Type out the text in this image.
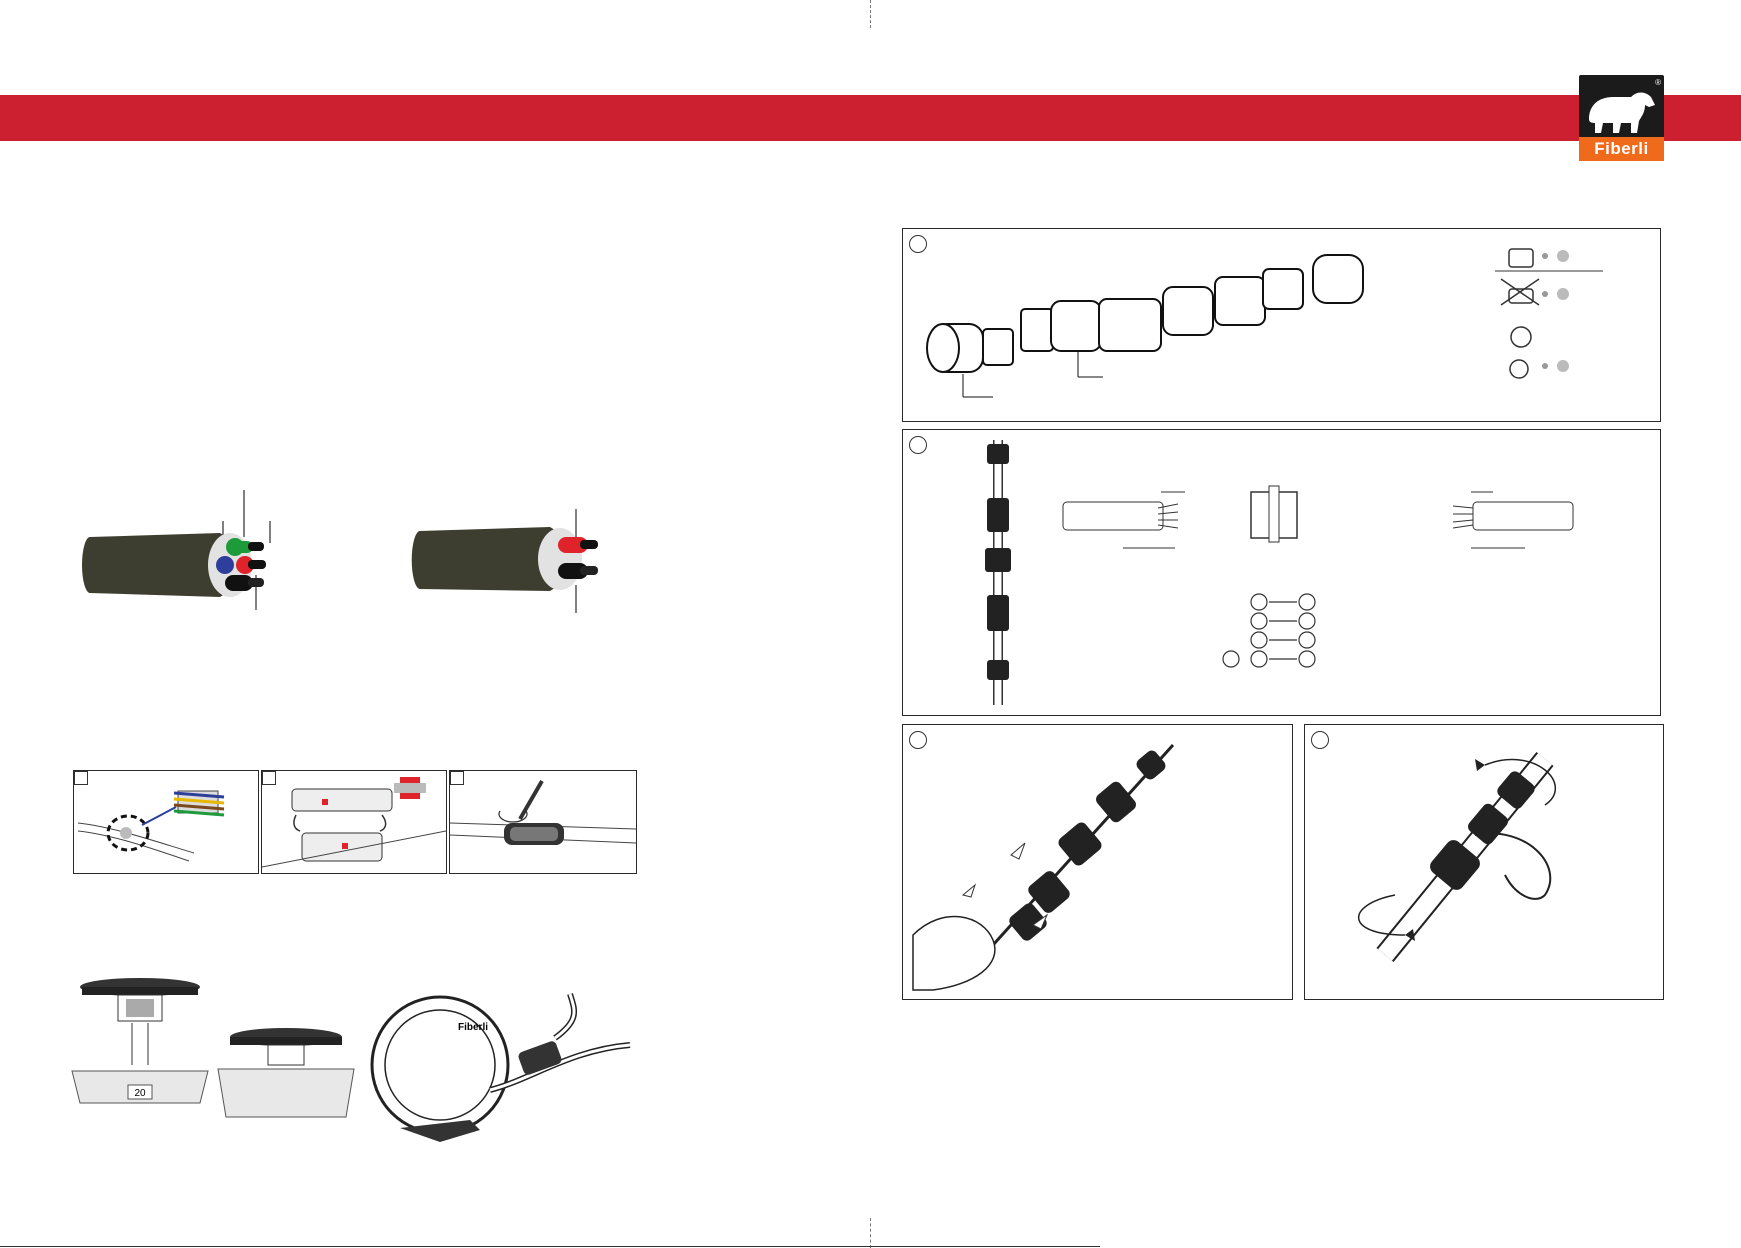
®
Fiberli
20
Fiberli
